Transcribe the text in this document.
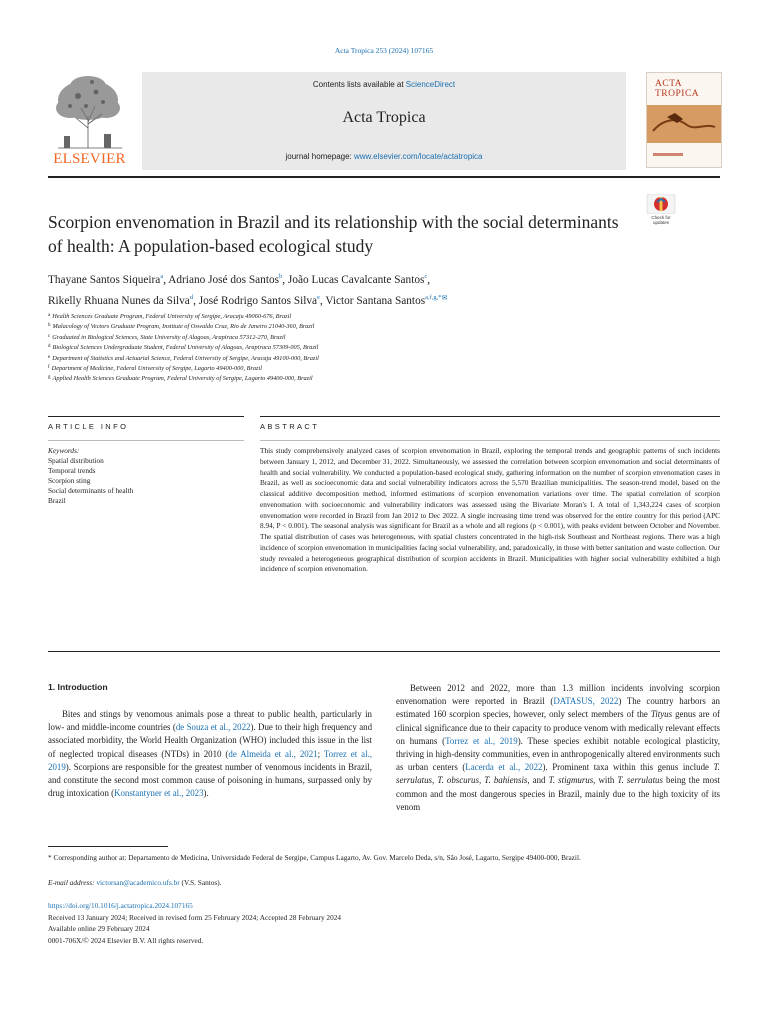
Acta Tropica 253 (2024) 107165
ELSEVIER
Contents lists available at ScienceDirect
Acta Tropica
journal homepage: www.elsevier.com/locate/actatropica
ACTA
TROPICA
Check for updates
Scorpion envenomation in Brazil and its relationship with the social determinants of health: A population-based ecological study
Thayane Santos Siqueira$^a$, Adriano José dos Santos$^b$, João Lucas Cavalcante Santos$^c$,
Rikelly Rhuana Nunes da Silva$^d$, José Rodrigo Santos Silva$^e$, Victor Santana Santos$^{a,f,g,*✉}$
$^a$ Health Sciences Graduate Program, Federal University of Sergipe, Aracaju 49060-676, Brazil
$^b$ Malacology of Vectors Graduate Program, Institute of Oswaldo Cruz, Rio de Janeiro 21040-360, Brazil
$^c$ Graduated in Biological Sciences, State University of Alagoas, Arapiraca 57312-270, Brazil
$^d$ Biological Sciences Undergraduate Student, Federal University of Alagoas, Arapiraca 57309-005, Brazil
$^e$ Department of Statistics and Actuarial Science, Federal University of Sergipe, Aracaju 49100-000, Brazil
$^f$ Department of Medicine, Federal University of Sergipe, Lagarto 49400-000, Brazil
$^g$ Applied Health Sciences Graduate Program, Federal University of Sergipe, Lagarto 49400-000, Brazil
ARTICLE INFO	ABSTRACT
Keywords:
Spatial distribution
Temporal trends
Scorpion sting
Social determinants of health
Brazil
This study comprehensively analyzed cases of scorpion envenomation in Brazil, exploring the temporal trends and geographic patterns of such incidents between January 1, 2012, and December 31, 2022. Simultaneously, we assessed the correlation between scorpion envenomation and social determinants of health and social vulnerability. We conducted a population-based ecological study, gathering information on the number of scorpion envenomation cases in Brazil, as well as socioeconomic data and social vulnerability indicators across the 5,570 Brazilian municipalities. The season-trend model, based on the classical additive decomposition method, informed estimations of scorpion envenomation variations over time. The spatial correlation of scorpion envenomation with socioeconomic and vulnerability indicators was assessed using the Bivariate Moran's I. A total of 1,343,224 cases of scorpion envenomation were recorded in Brazil from Jan 2012 to Dec 2022. A single increasing time trend was observed for the entire country for this period (APC 8.94, P < 0.001). The seasonal analysis was significant for Brazil as a whole and all regions (p < 0.001), with peaks evident between October and November. The spatial distribution of cases was heterogeneous, with spatial clusters concentrated in the high-risk Southeast and Northeast regions. There was a high incidence of scorpion envenomation in municipalities facing social vulnerability, and, paradoxically, in those with better sanitation and waste collection. Our study revealed a heterogeneous geographical distribution of scorpion accidents in Brazil. Municipalities with higher social vulnerability exhibited a high incidence of scorpion envenomation.
1. Introduction
Bites and stings by venomous animals pose a threat to public health, particularly in low- and middle-income countries (de Souza et al., 2022). Due to their high frequency and associated morbidity, the World Health Organization (WHO) included this issue in the list of neglected tropical diseases (NTDs) in 2010 (de Almeida et al., 2021; Torrez et al., 2019). Scorpions are responsible for the greatest number of venomous incidents in Brazil, and constitute the second most common cause of poisoning in humans, surpassed only by drug intoxication (Konstantyner et al., 2023).
Between 2012 and 2022, more than 1.3 million incidents involving scorpion envenomation were reported in Brazil (DATASUS, 2022) The country harbors an estimated 160 scorpion species, however, only select members of the Tityus genus are of clinical significance due to their capacity to produce venom with medically relevant effects on humans (Torrez et al., 2019). These species exhibit notable ecological plasticity, thriving in high-density communities, even in anthropogenically altered environments such as urban centers (Lacerda et al., 2022). Prominent taxa within this genus include T. serrulatus, T. obscurus, T. bahiensis, and T. stigmurus, with T. serrulatus being the most common and the most dangerous species in Brazil, mainly due to the high toxicity of its venom
* Corresponding author at: Departamento de Medicina, Universidade Federal de Sergipe, Campus Lagarto, Av. Gov. Marcelo Deda, s/n, São José, Lagarto, Sergipe 49400-000, Brazil.
E-mail address: victorsan@academico.ufs.br (V.S. Santos).
https://doi.org/10.1016/j.actatropica.2024.107165
Received 13 January 2024; Received in revised form 25 February 2024; Accepted 28 February 2024
Available online 29 February 2024
0001-706X/© 2024 Elsevier B.V. All rights reserved.
